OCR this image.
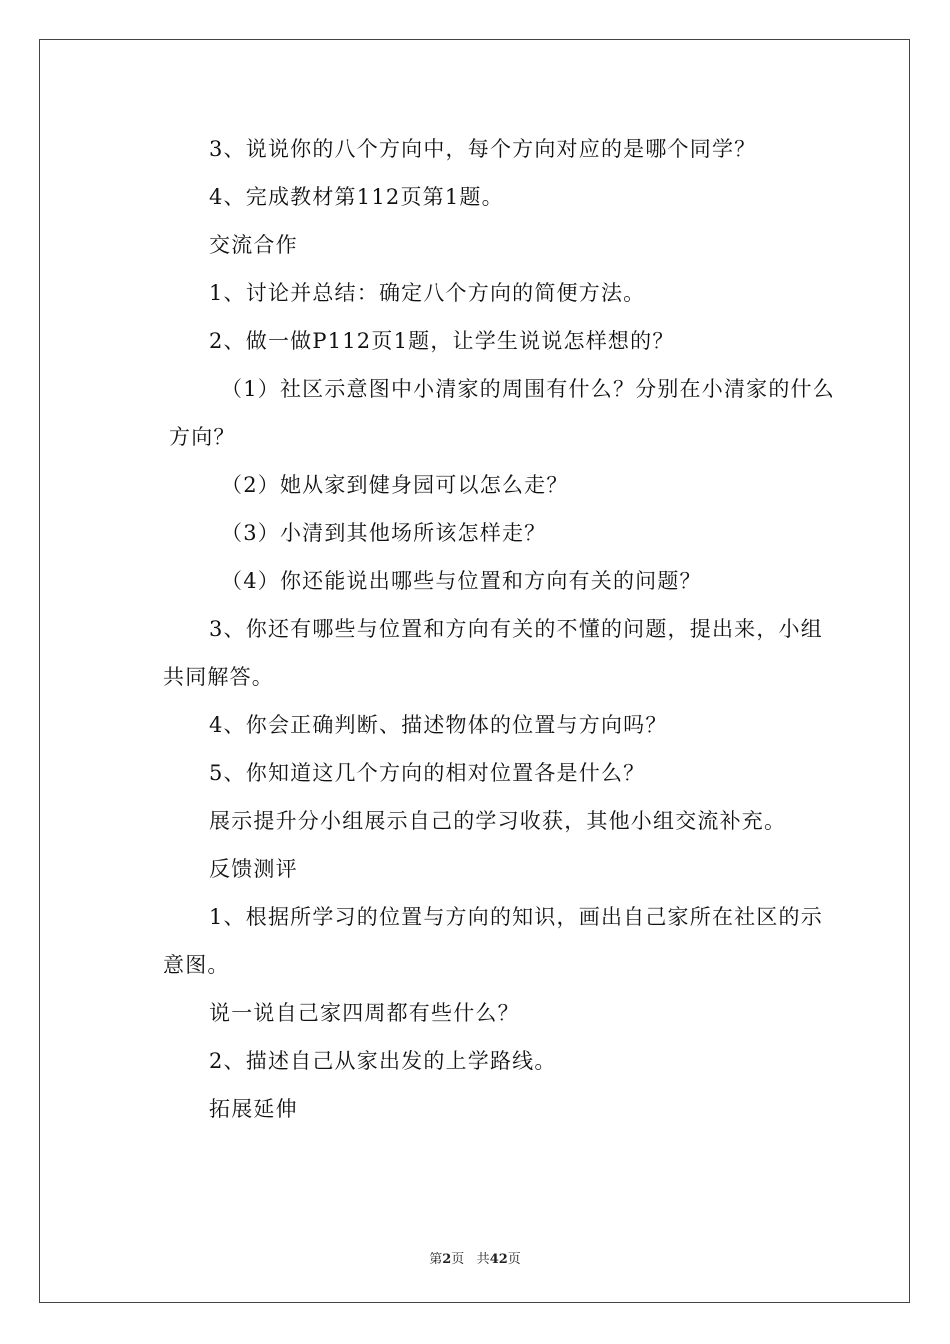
3、说说你的八个方向中，每个方向对应的是哪个同学？

4、完成教材第112页第1题。

交流合作

1、讨论并总结：确定八个方向的简便方法。

2、做一做P112页1题，让学生说说怎样想的？

（1）社区示意图中小清家的周围有什么？分别在小清家的什么方向？

（2）她从家到健身园可以怎么走？

（3）小清到其他场所该怎样走？

（4）你还能说出哪些与位置和方向有关的问题？

3、你还有哪些与位置和方向有关的不懂的问题，提出来，小组共同解答。

4、你会正确判断、描述物体的位置与方向吗？

5、你知道这几个方向的相对位置各是什么？

展示提升分小组展示自己的学习收获，其他小组交流补充。

反馈测评

1、根据所学习的位置与方向的知识，画出自己家所在社区的示意图。

说一说自己家四周都有些什么？

2、描述自己从家出发的上学路线。

拓展延伸

第2页 共42页
